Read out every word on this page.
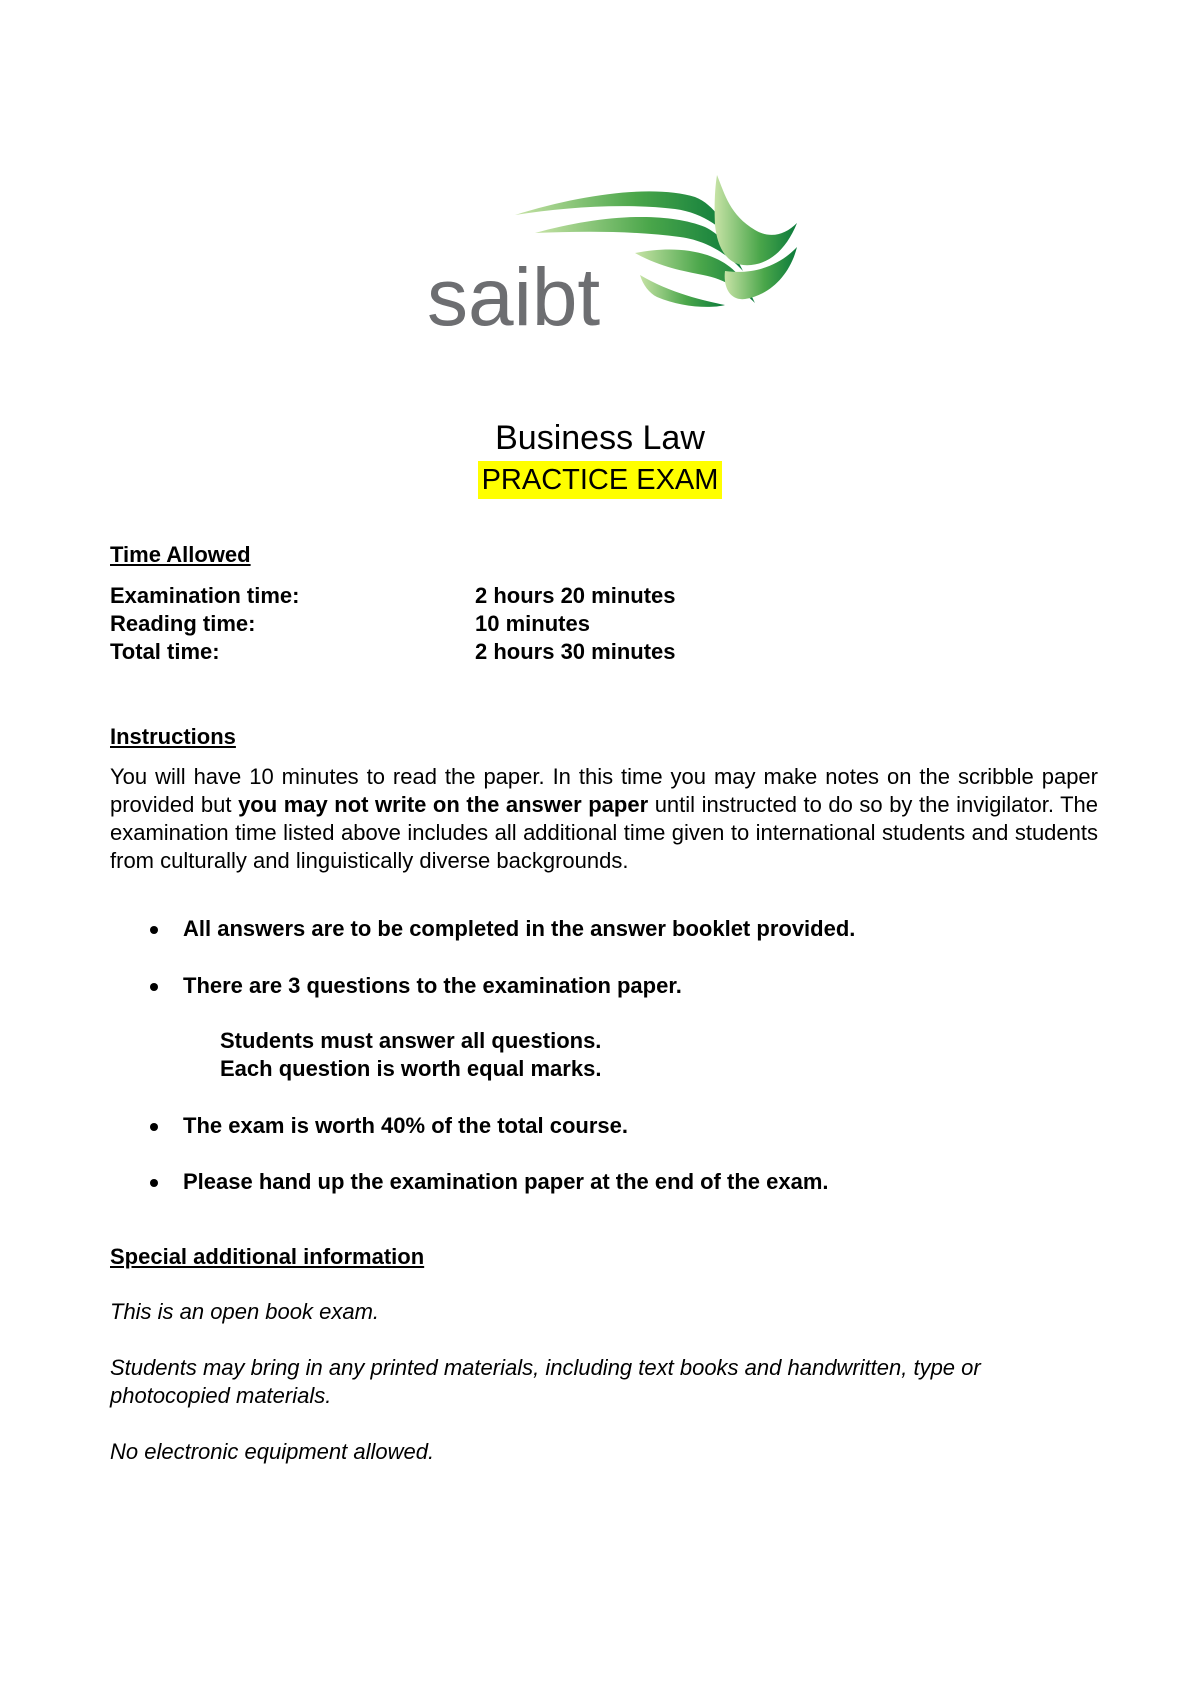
saibt
Business Law
PRACTICE EXAM
Time Allowed
Examination time:	2 hours 20 minutes
Reading time:	10 minutes
Total time:	2 hours 30 minutes
Instructions
You will have 10 minutes to read the paper. In this time you may make notes on the scribble paper provided but you may not write on the answer paper until instructed to do so by the invigilator. The examination time listed above includes all additional time given to international students and students from culturally and linguistically diverse backgrounds.
All answers are to be completed in the answer booklet provided.
There are 3 questions to the examination paper.
Students must answer all questions.
Each question is worth equal marks.
The exam is worth 40% of the total course.
Please hand up the examination paper at the end of the exam.
Special additional information
This is an open book exam.
Students may bring in any printed materials, including text books and handwritten, type or photocopied materials.
No electronic equipment allowed.
